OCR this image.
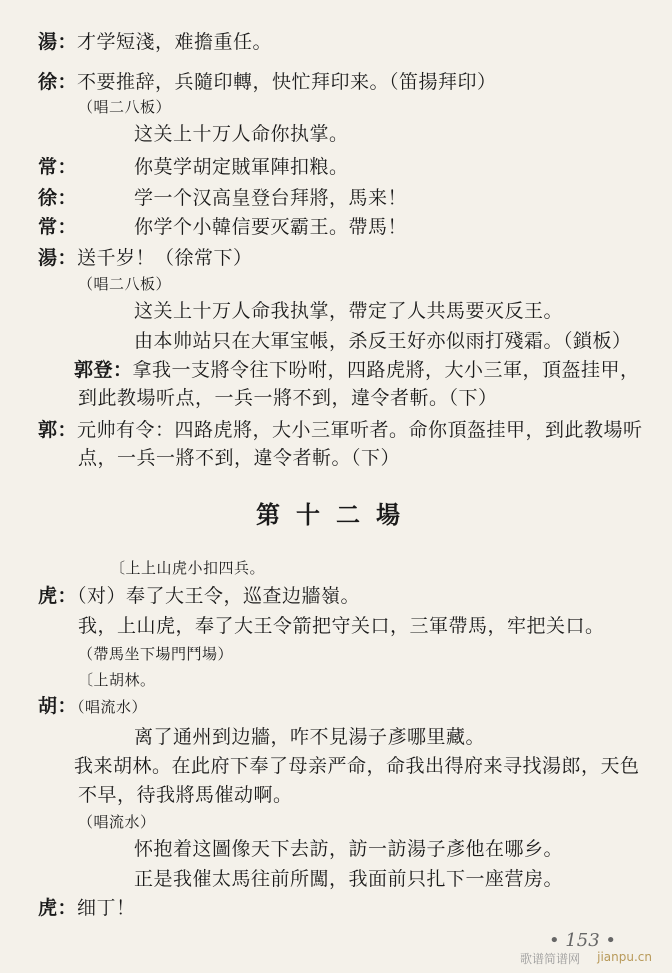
湯：才学短淺，难擔重任。
徐：不要推辞，兵隨印轉，快忙拜印来。（笛揚拜印）
（唱二八板）
这关上十万人命你执掌。
常：	你莫学胡定賊軍陣扣粮。
徐：	学一个汉高皇登台拜將，馬来！
常：	你学个小韓信要灭霸王。帶馬！
湯：送千岁！（徐常下）
（唱二八板）
这关上十万人命我执掌，帶定了人共馬要灭反王。
由本帅站只在大軍宝帳，杀反王好亦似雨打殘霜。（鎖板）
郭登：拿我一支將令往下吩咐，四路虎將，大小三軍，頂盔挂甲，
到此教場听点，一兵一將不到，違令者斬。（下）
郭：元帅有令：四路虎將，大小三軍听者。命你頂盔挂甲，到此教場听
点，一兵一將不到，違令者斬。（下）
第十二場
〔上上山虎小扣四兵。
虎：（对）奉了大王令，巡查边牆嶺。
我，上山虎，奉了大王令箭把守关口，三軍帶馬，牢把关口。
（帶馬坐下場門鬥場）
〔上胡林。
胡：（唱流水）
离了通州到边牆，咋不見湯子彥哪里藏。
我来胡林。在此府下奉了母亲严命，命我出得府来寻找湯郎，天色
不早，待我將馬催动啊。
（唱流水）
怀抱着这圖像天下去訪，訪一訪湯子彥他在哪乡。
正是我催太馬往前所闖，我面前只扎下一座营房。
虎：细丁！
• 153 •
歌谱简谱网 jianpu.cn
